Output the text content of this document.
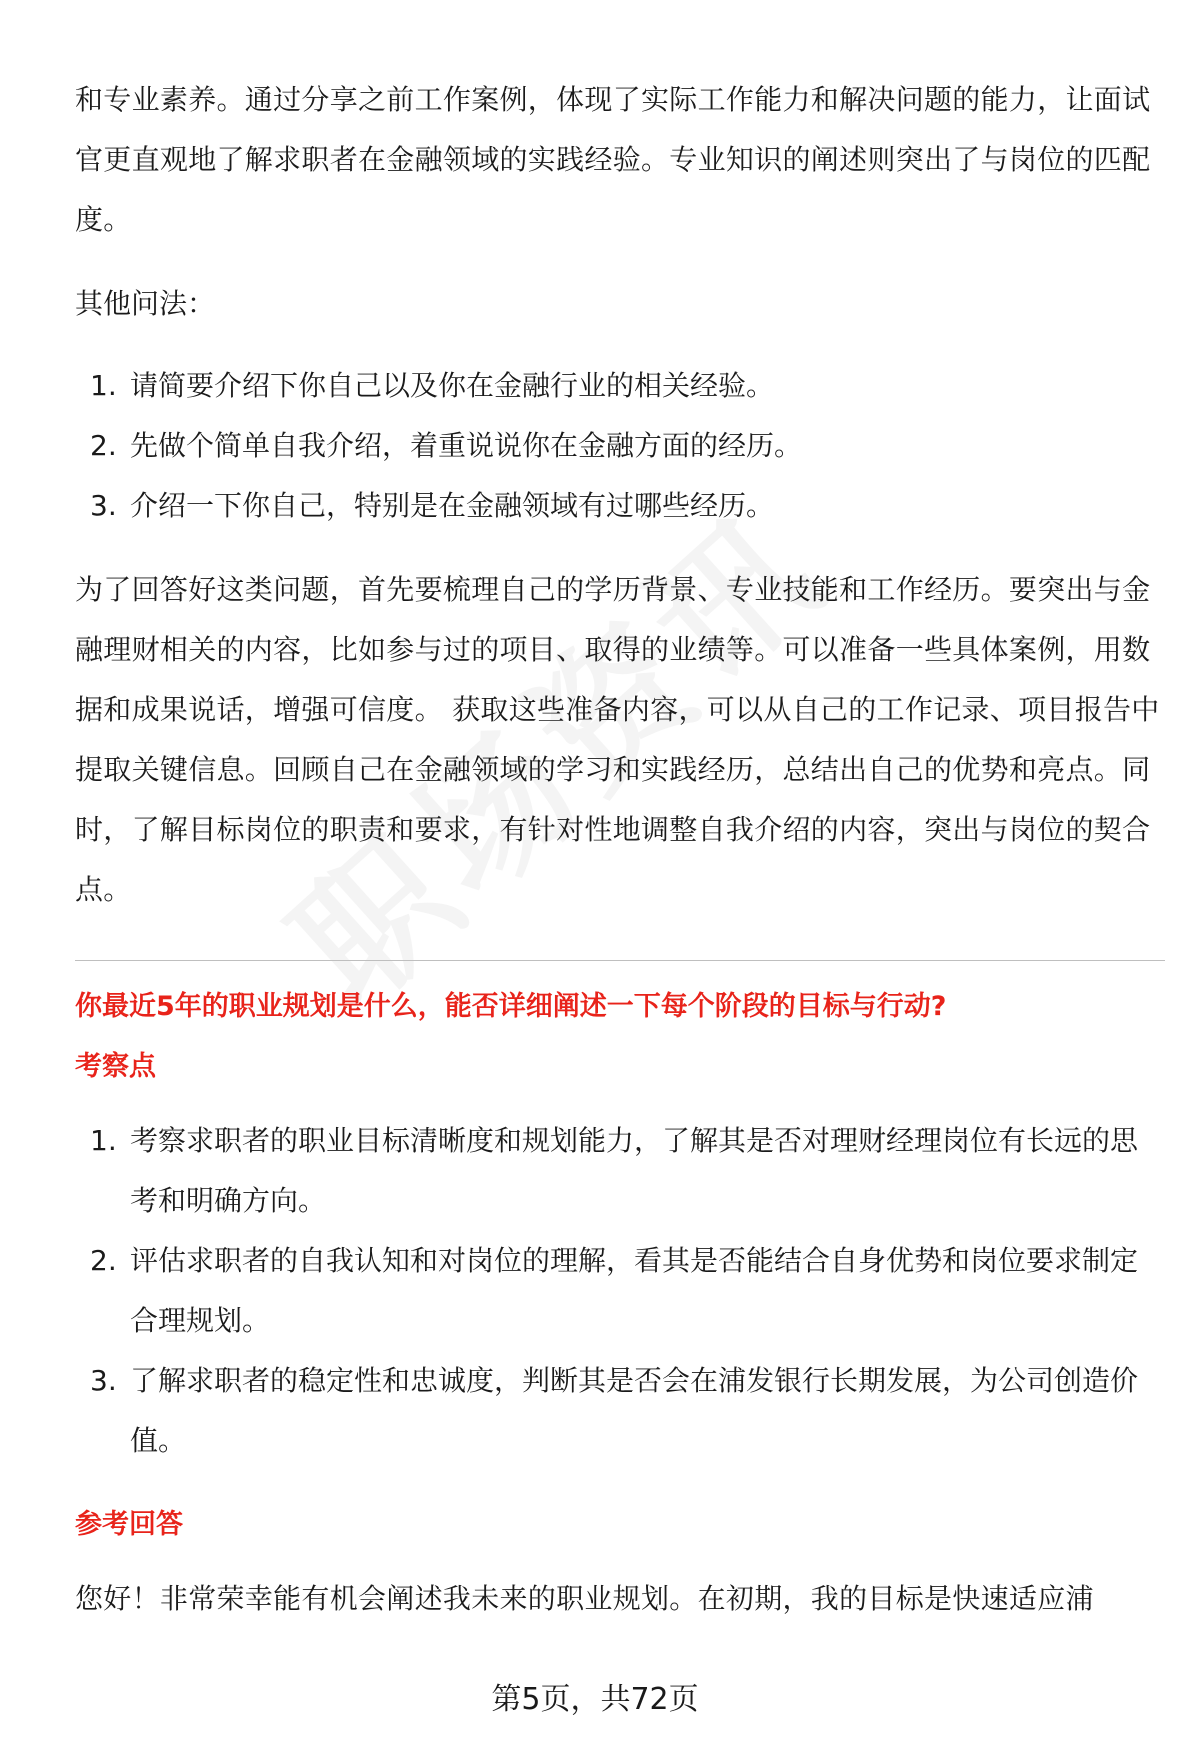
和专业素养。通过分享之前工作案例，体现了实际工作能力和解决问题的能力，让面试官更直观地了解求职者在金融领域的实践经验。专业知识的阐述则突出了与岗位的匹配度。

其他问法：

1. 请简要介绍下你自己以及你在金融行业的相关经验。
2. 先做个简单自我介绍，着重说说你在金融方面的经历。
3. 介绍一下你自己，特别是在金融领域有过哪些经历。

为了回答好这类问题，首先要梳理自己的学历背景、专业技能和工作经历。要突出与金融理财相关的内容，比如参与过的项目、取得的业绩等。可以准备一些具体案例，用数据和成果说话，增强可信度。 获取这些准备内容，可以从自己的工作记录、项目报告中提取关键信息。回顾自己在金融领域的学习和实践经历，总结出自己的优势和亮点。同时，了解目标岗位的职责和要求，有针对性地调整自我介绍的内容，突出与岗位的契合点。

你最近5年的职业规划是什么，能否详细阐述一下每个阶段的目标与行动?

考察点

1. 考察求职者的职业目标清晰度和规划能力，了解其是否对理财经理岗位有长远的思考和明确方向。
2. 评估求职者的自我认知和对岗位的理解，看其是否能结合自身优势和岗位要求制定合理规划。
3. 了解求职者的稳定性和忠诚度，判断其是否会在浦发银行长期发展，为公司创造价值。

参考回答

您好！非常荣幸能有机会阐述我未来的职业规划。在初期，我的目标是快速适应浦

第5页，共72页
